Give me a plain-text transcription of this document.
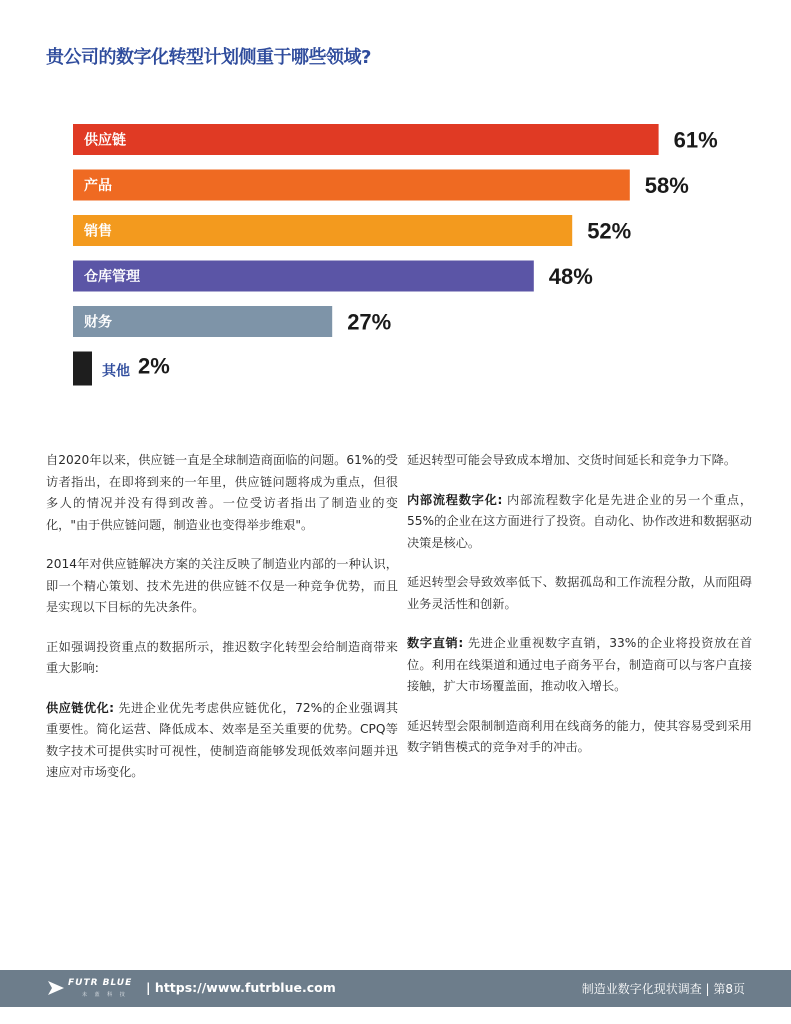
贵公司的数字化转型计划侧重于哪些领域?
供应链	61%
产品	58%
销售	52%
仓库管理	48%
财务	27%
其他 2%

自2020年以来，供应链一直是全球制造商面临的问题。61%的受访者指出，在即将到来的一年里，供应链问题将成为重点，但很多人的情况并没有得到改善。一位受访者指出了制造业的变化，"由于供应链问题，制造业也变得举步维艰"。

2014年对供应链解决方案的关注反映了制造业内部的一种认识，即一个精心策划、技术先进的供应链不仅是一种竞争优势，而且是实现以下目标的先决条件。

正如强调投资重点的数据所示，推迟数字化转型会给制造商带来重大影响:

供应链优化: 先进企业优先考虑供应链优化，72%的企业强调其重要性。简化运营、降低成本、效率是至关重要的优势。CPQ等数字技术可提供实时可视性，使制造商能够发现低效率问题并迅速应对市场变化。

延迟转型可能会导致成本增加、交货时间延长和竞争力下降。

内部流程数字化: 内部流程数字化是先进企业的另一个重点，55%的企业在这方面进行了投资。自动化、协作改进和数据驱动决策是核心。

延迟转型会导致效率低下、数据孤岛和工作流程分散，从而阻碍业务灵活性和创新。

数字直销: 先进企业重视数字直销，33%的企业将投资放在首位。利用在线渠道和通过电子商务平台，制造商可以与客户直接接触，扩大市场覆盖面，推动收入增长。

延迟转型会限制制造商利用在线商务的能力，使其容易受到采用数字销售模式的竞争对手的冲击。

FUTR BLUE
未 蓝 科 技 | https://www.futrblue.com	制造业数字化现状调查 | 第8页
